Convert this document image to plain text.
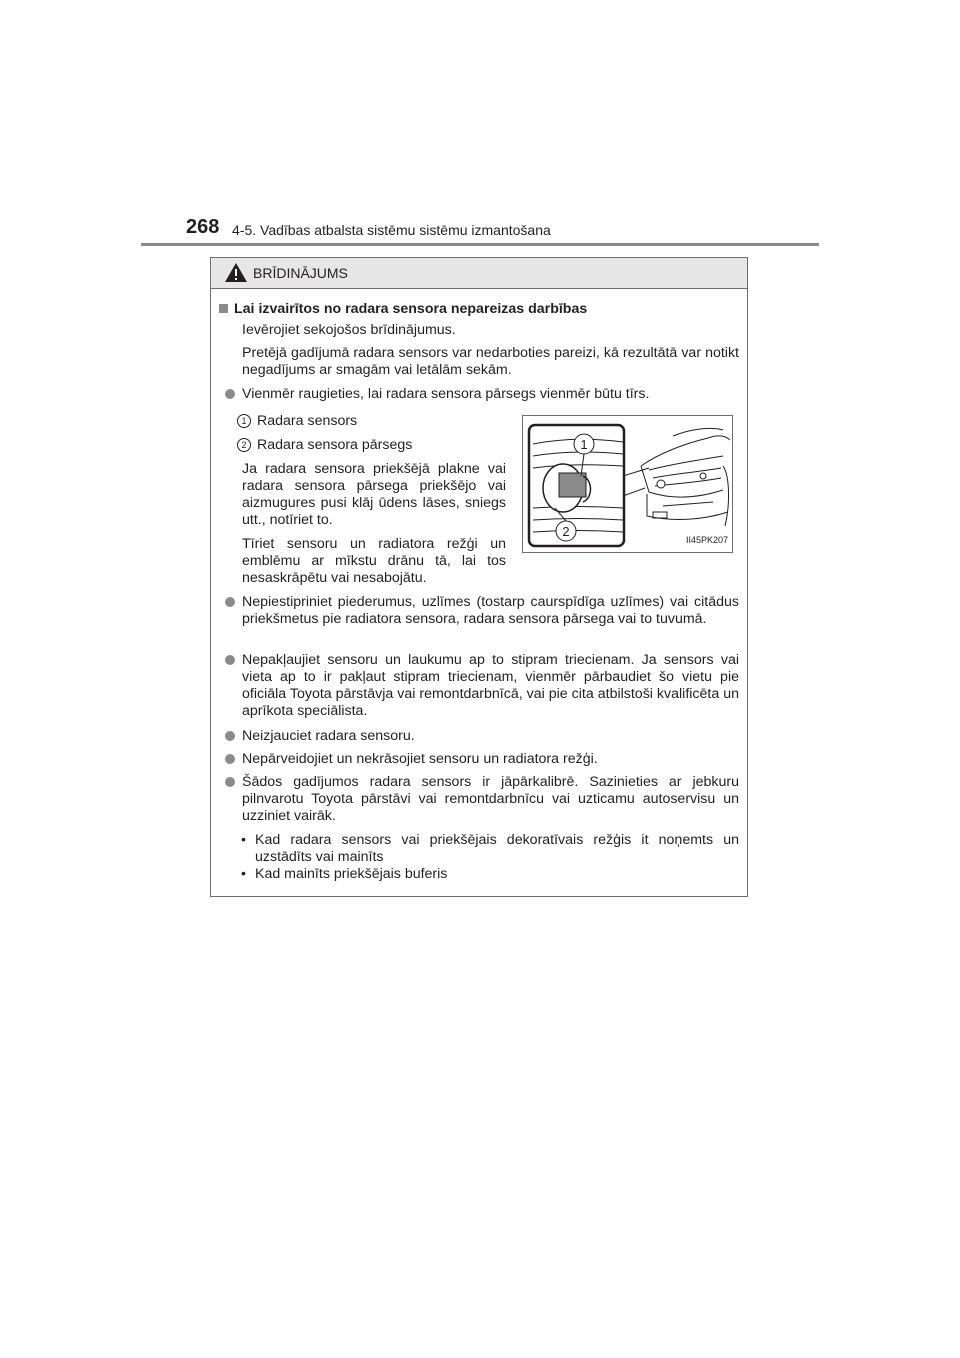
268 4-5. Vadības atbalsta sistēmu sistēmu izmantošana
BRĪDINĀJUMS
Lai izvairītos no radara sensora nepareizas darbības
Ievērojiet sekojošos brīdinājumus.
Pretējā gadījumā radara sensors var nedarboties pareizi, kā rezultātā var notikt negadījums ar smagām vai letālām sekām.
Vienmēr raugieties, lai radara sensora pārsegs vienmēr būtu tīrs.
1 Radara sensors
2 Radara sensora pārsegs
Ja radara sensora priekšējā plakne vai radara sensora pārsega priekšējo vai aizmugures pusi klāj ūdens lāses, sniegs utt., notīriet to.
Tīriet sensoru un radiatora režģi un emblēmu ar mīkstu drānu tā, lai tos nesaskrāpētu vai nesabojātu.
1
2
II45PK207
Nepiestipriniet piederumus, uzlīmes (tostarp caurspīdīga uzlīmes) vai citādus priekšmetus pie radiatora sensora, radara sensora pārsega vai to tuvumā.
Nepakļaujiet sensoru un laukumu ap to stipram triecienam. Ja sensors vai vieta ap to ir pakļaut stipram triecienam, vienmēr pārbaudiet šo vietu pie oficiāla Toyota pārstāvja vai remontdarbnīcā, vai pie cita atbilstoši kvalificēta un aprīkota speciālista.
Neizjauciet radara sensoru.
Nepārveidojiet un nekrāsojiet sensoru un radiatora režģi.
Šādos gadījumos radara sensors ir jāpārkalibrē. Sazinieties ar jebkuru pilnvarotu Toyota pārstāvi vai remontdarbnīcu vai uzticamu autoservisu un uzziniet vairāk.
• Kad radara sensors vai priekšējais dekoratīvais režģis it noņemts un uzstādīts vai mainīts
• Kad mainīts priekšējais buferis
